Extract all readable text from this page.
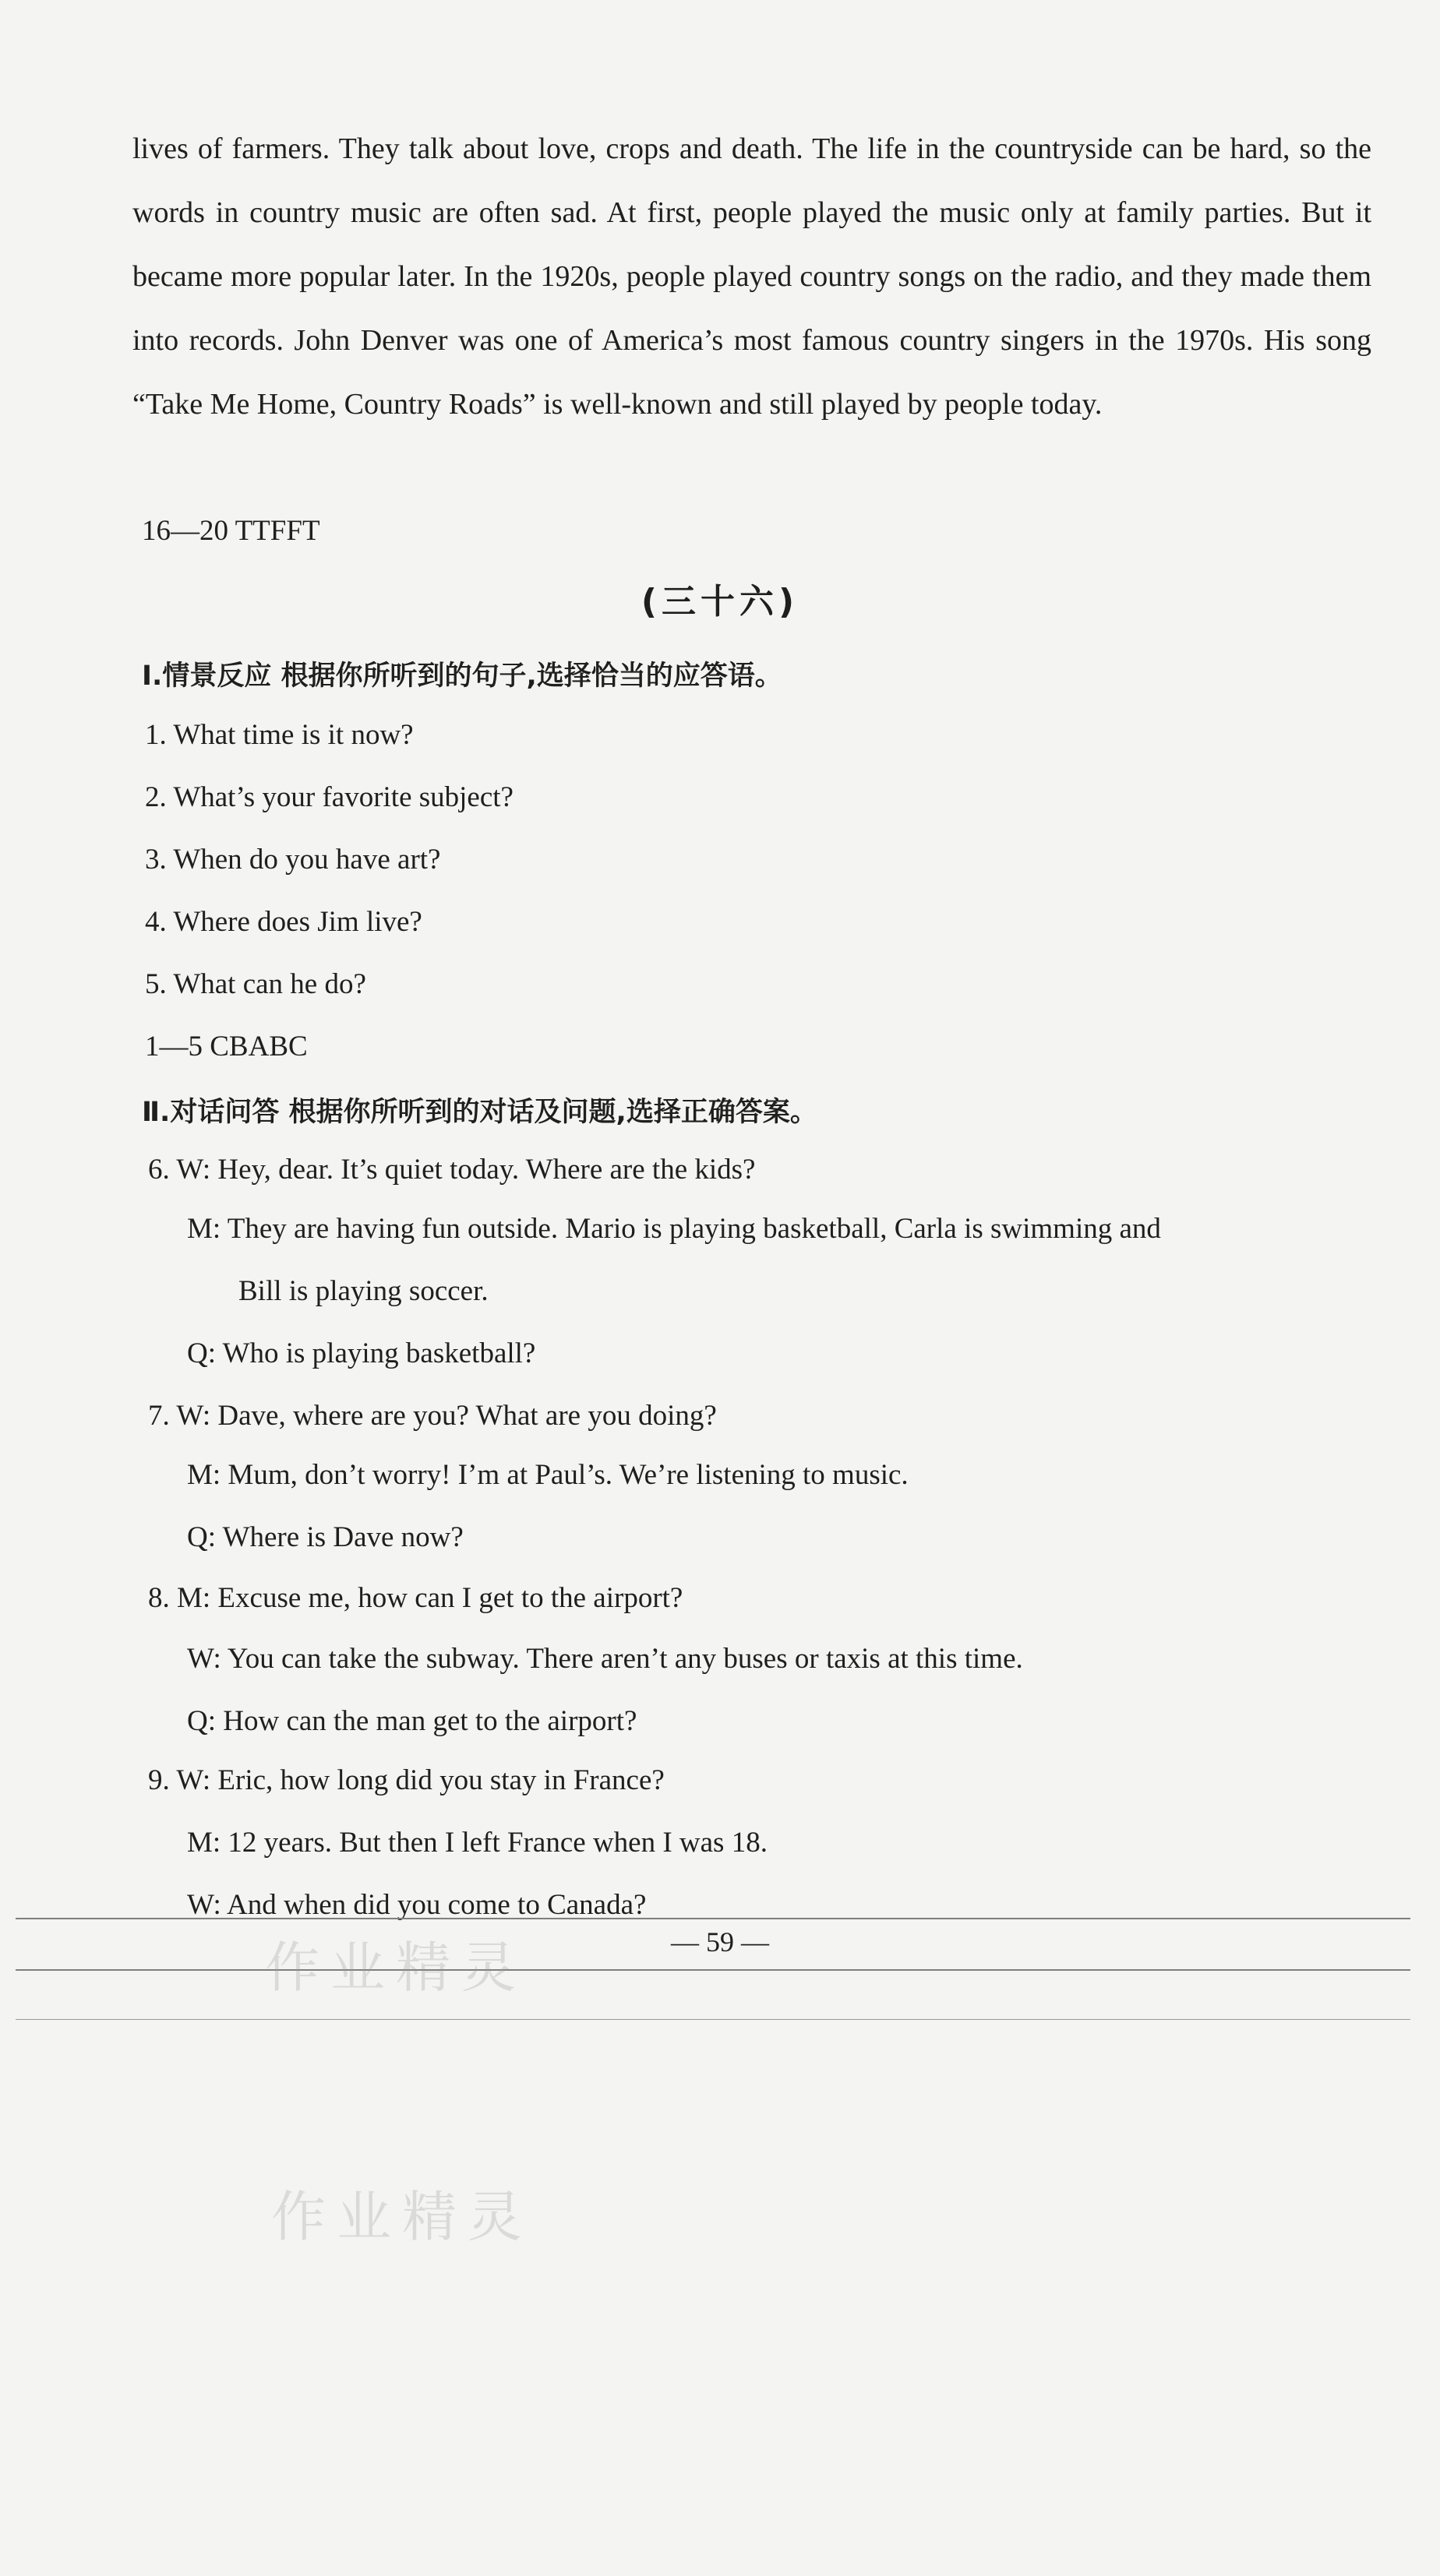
lives of farmers. They talk about love, crops and death. The life in the countryside can be hard, so the words in country music are often sad. At first, people played the music only at family parties. But it became more popular later. In the 1920s, people played country songs on the radio, and they made them into records. John Denver was one of America’s most famous country singers in the 1970s. His song “Take Me Home, Country Roads” is well-known and still played by people today.

16—20 TTFFT
(三十六)
Ⅰ.情景反应 根据你所听到的句子,选择恰当的应答语。
1. What time is it now?
2. What’s your favorite subject?
3. When do you have art?
4. Where does Jim live?
5. What can he do?
1—5 CBABC
Ⅱ.对话问答 根据你所听到的对话及问题,选择正确答案。
6. W: Hey, dear. It’s quiet today. Where are the kids?
M: They are having fun outside. Mario is playing basketball, Carla is swimming and
Bill is playing soccer.
Q: Who is playing basketball?
7. W: Dave, where are you? What are you doing?
M: Mum, don’t worry! I’m at Paul’s. We’re listening to music.
Q: Where is Dave now?
8. M: Excuse me, how can I get to the airport?
W: You can take the subway. There aren’t any buses or taxis at this time.
Q: How can the man get to the airport?
9. W: Eric, how long did you stay in France?
M: 12 years. But then I left France when I was 18.
W: And when did you come to Canada?
— 59 —
作业精灵
作业精灵
